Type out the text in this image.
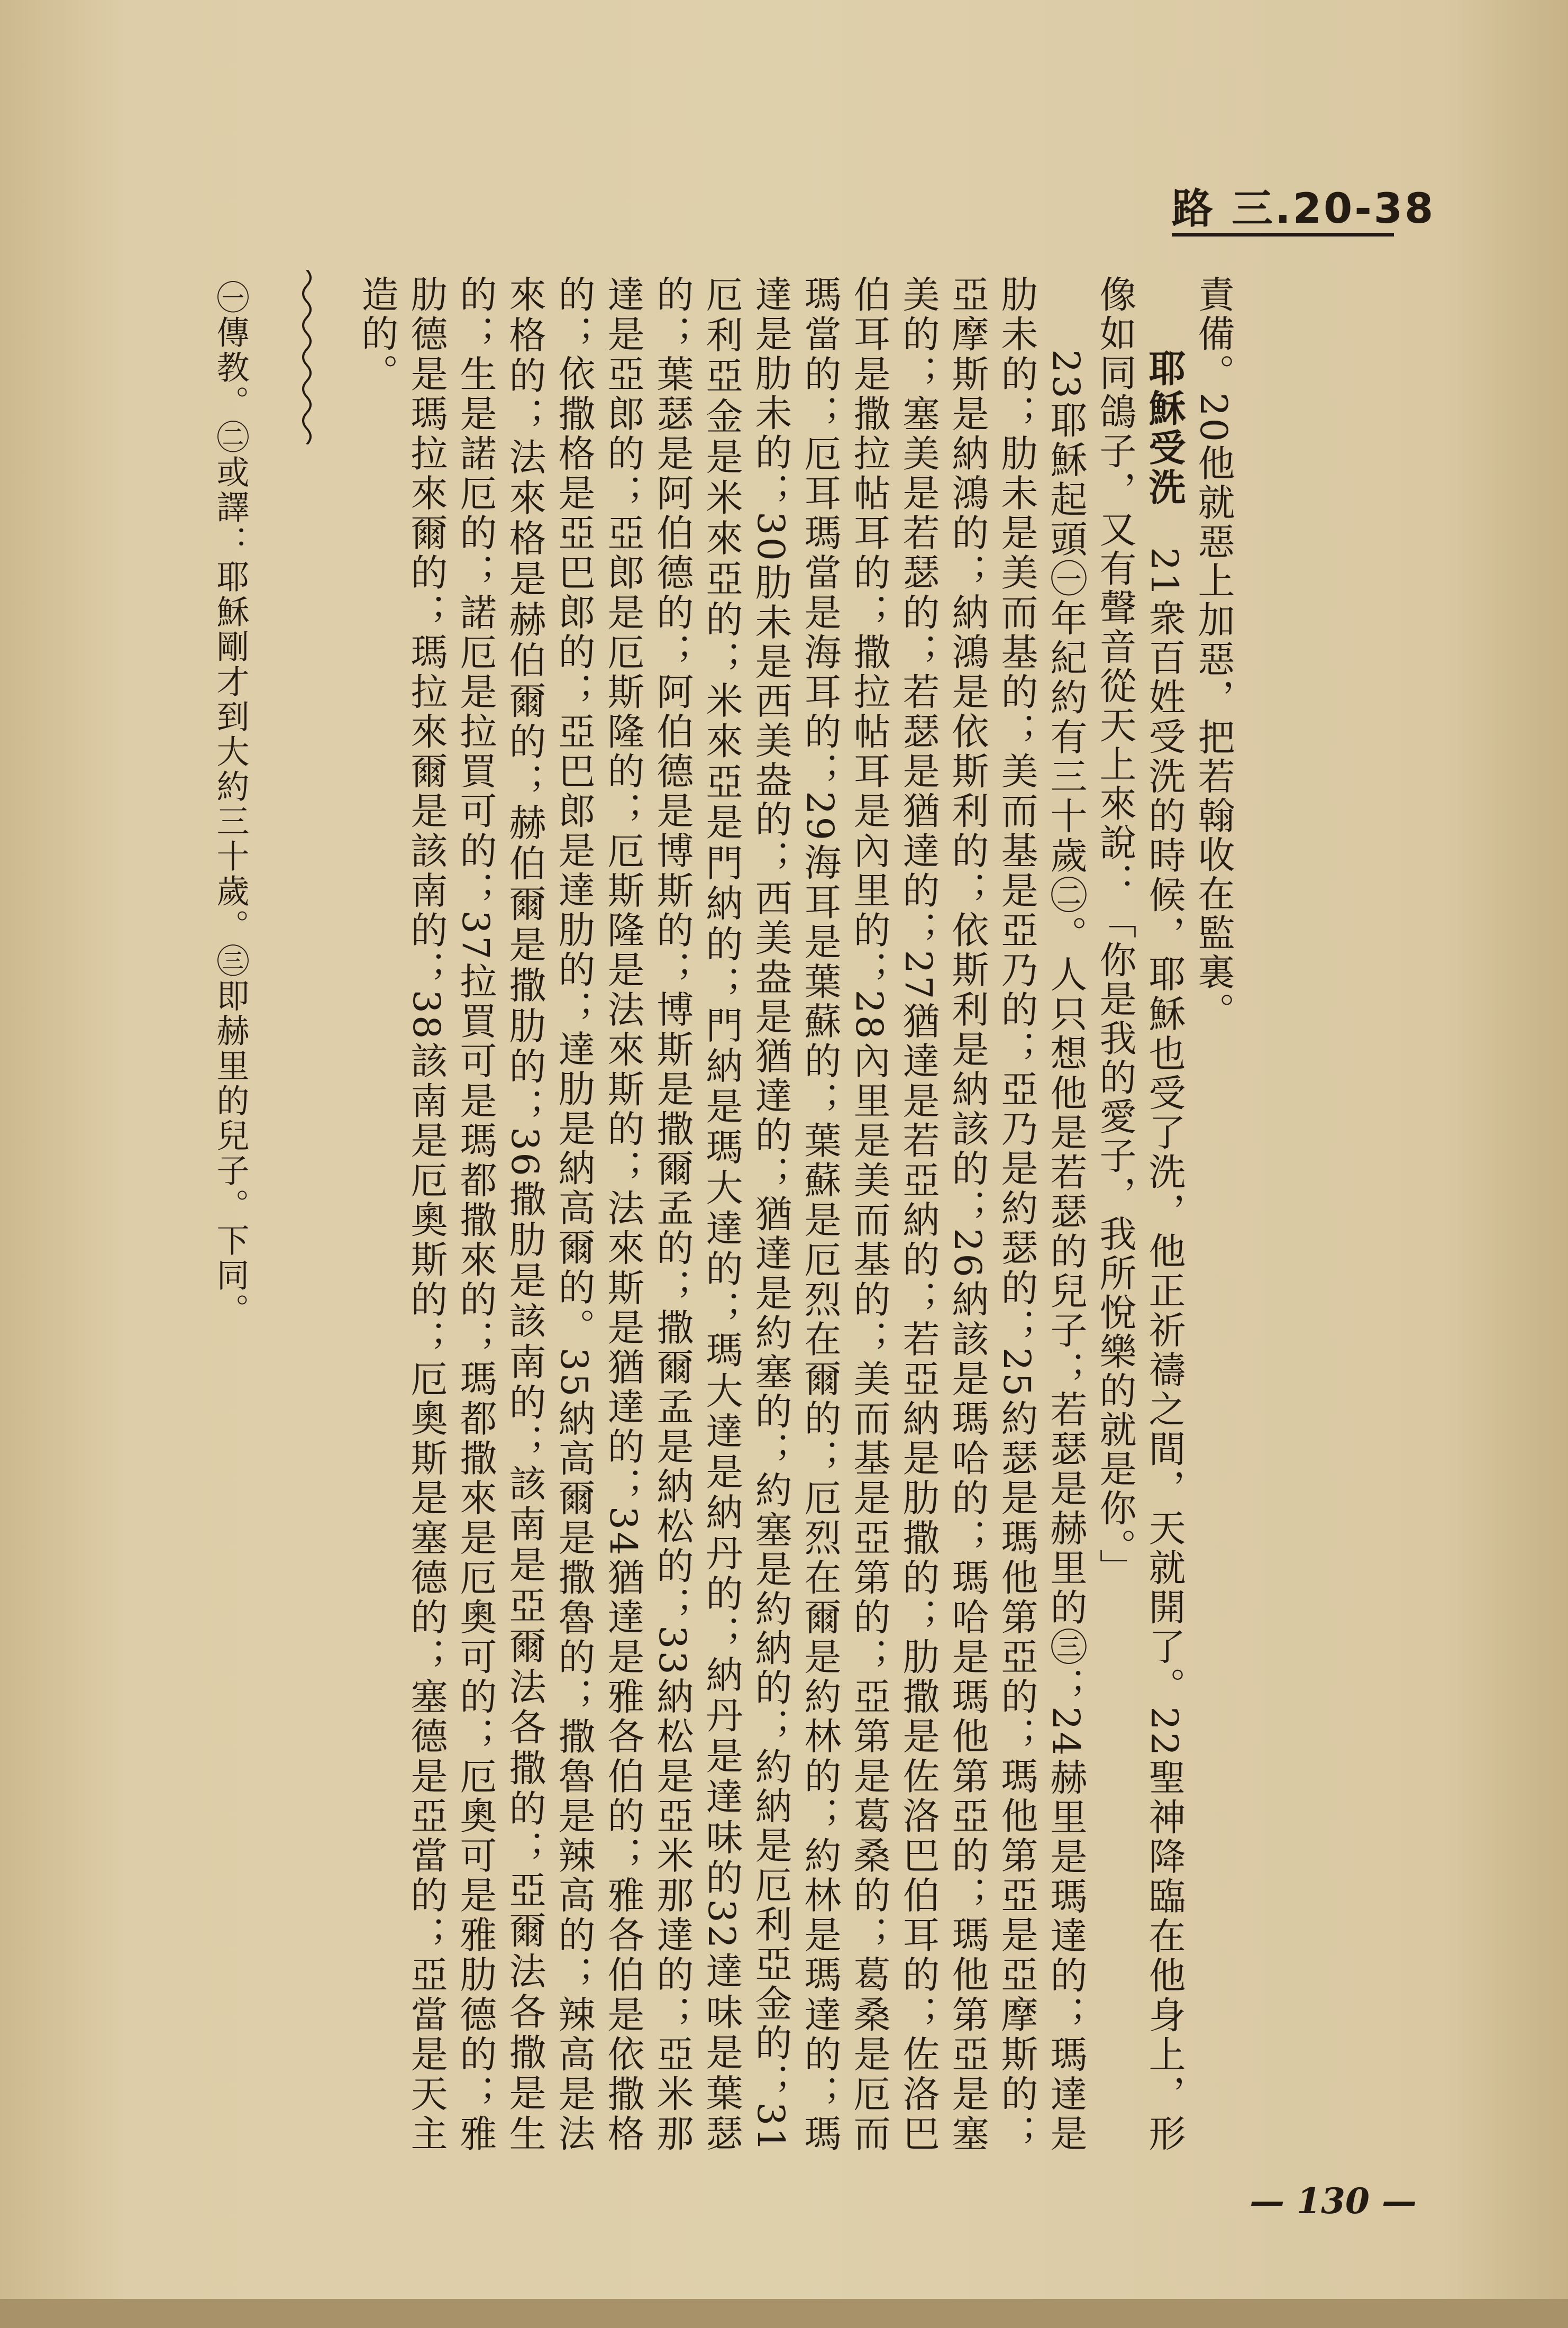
路 三.20-38

責備。20他就惡上加惡，把若翰收在監裏。

耶穌受洗　21衆百姓受洗的時候，耶穌也受了洗，他正祈禱之間，天就開了。22聖神降臨在他身上，形像如同鴿子，又有聲音從天上來說：「你是我的愛子，我所悅樂的就是你。」

23耶穌起頭㊀年紀約有三十歲㊁。人只想他是若瑟的兒子；若瑟是赫里的㊂；24赫里是瑪達的；瑪達是肋未的；肋未是美而基的；美而基是亞乃的；亞乃是約瑟的；25約瑟是瑪他第亞的；瑪他第亞是亞摩斯的；亞摩斯是納鴻的；納鴻是依斯利的；依斯利是納該的；26納該是瑪哈的；瑪哈是瑪他第亞的；瑪他第亞是塞美的；塞美是若瑟的；若瑟是猶達的；27猶達是若亞納的；若亞納是肋撒的；肋撒是佐洛巴伯耳的；佐洛巴伯耳是撒拉帖耳的；撒拉帖耳是內里的；28內里是美而基的；美而基是亞第的；亞第是葛桑的；葛桑是厄而瑪當的；厄耳瑪當是海耳的；29海耳是葉蘇的；葉蘇是厄烈在爾的；厄烈在爾是約林的；約林是瑪達的；瑪達是肋未的；30肋未是西美盎的；西美盎是猶達的；猶達是約塞的；約塞是約納的；約納是厄利亞金的；31厄利亞金是米來亞的；米來亞是門納的；門納是瑪大達的；瑪大達是納丹的；納丹是達味的32達味是葉瑟的；葉瑟是阿伯德的；阿伯德是博斯的；博斯是撒爾孟的；撒爾孟是納松的；33納松是亞米那達的；亞米那達是亞郎的；亞郎是厄斯隆的；厄斯隆是法來斯的；法來斯是猶達的；34猶達是雅各伯的；雅各伯是依撒格的；依撒格是亞巴郎的；亞巴郎是達肋的；達肋是納高爾的。35納高爾是撒魯的；撒魯是辣高的；辣高是法來格的；法來格是赫伯爾的；赫伯爾是撒肋的；36撒肋是該南的；該南是亞爾法各撒的；亞爾法各撒是生的；生是諾厄的；諾厄是拉買可的；37拉買可是瑪都撒來的；瑪都撒來是厄奧可的；厄奧可是雅肋德的；雅肋德是瑪拉來爾的；瑪拉來爾是該南的；38該南是厄奧斯的；厄奧斯是塞德的；塞德是亞當的；亞當是天主造的。

㊀傳教。㊁或譯：耶穌剛才到大約三十歲。㊂即赫里的兒子。下同。
— 130 —
